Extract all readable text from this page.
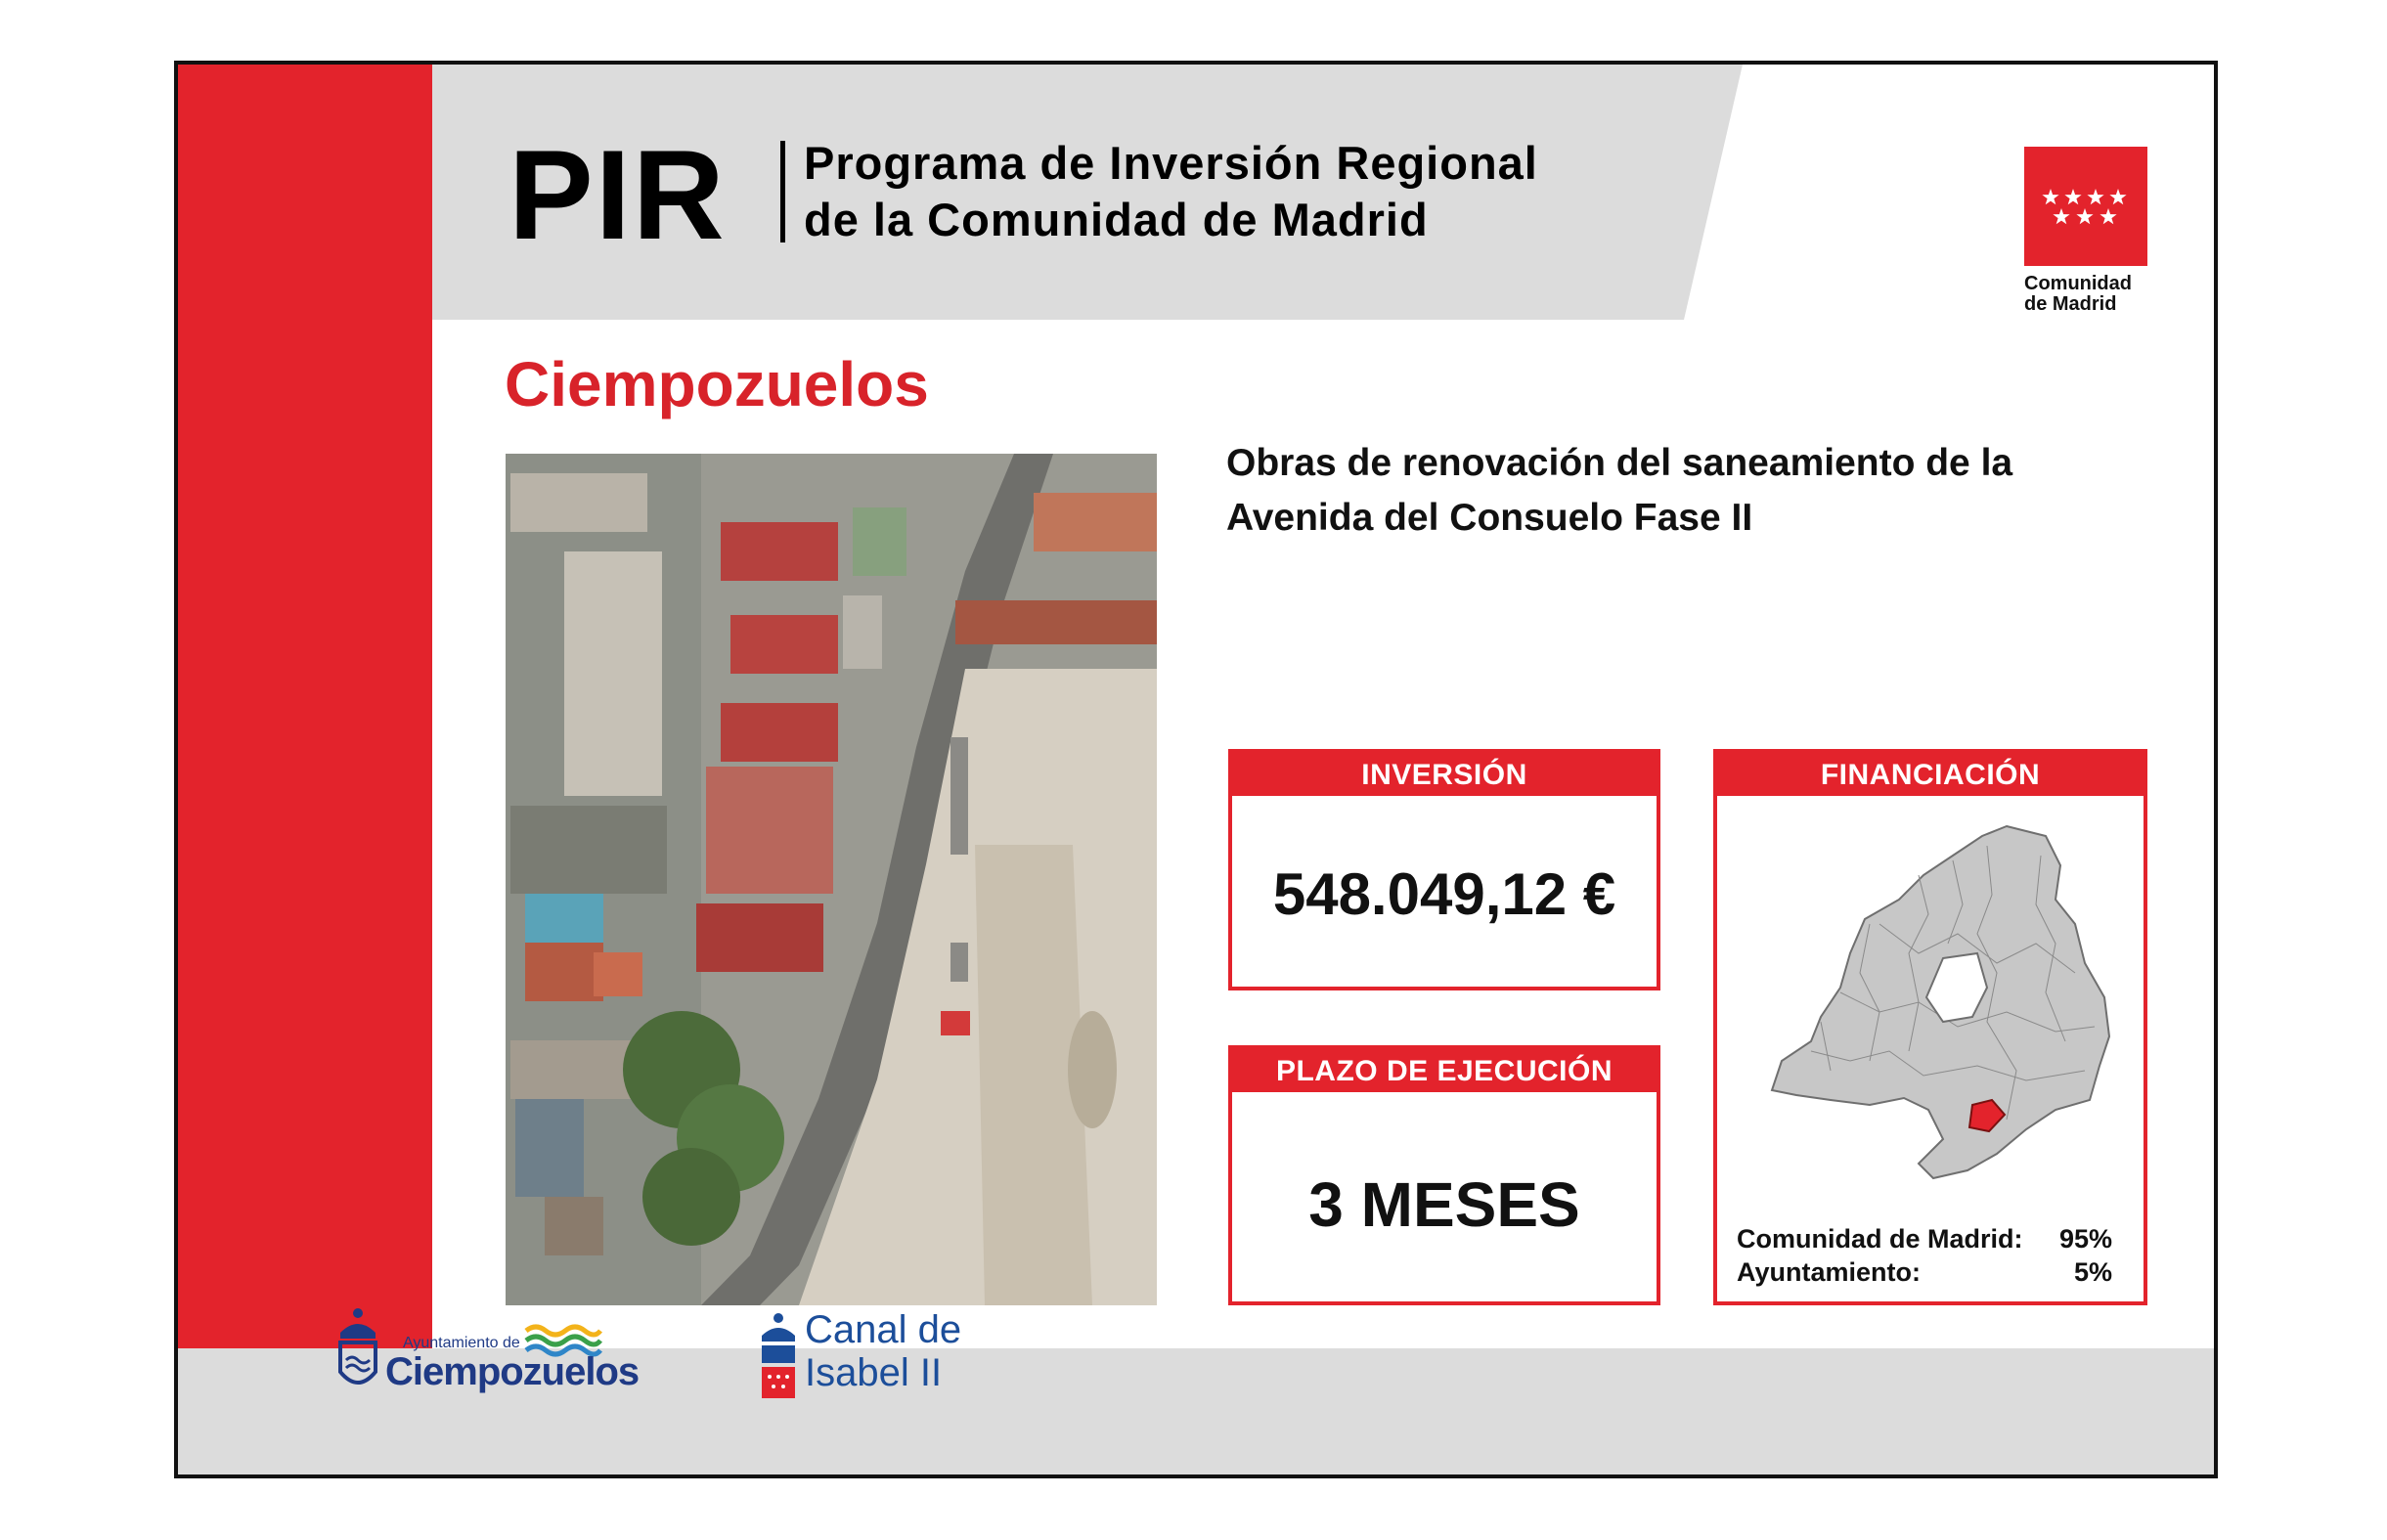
PIR Programa de Inversión Regional
de la Comunidad de Madrid
Comunidad
de Madrid
Ciempozuelos
Obras de renovación del saneamiento de la Avenida del Consuelo Fase II
INVERSIÓN
548.049,12 €
PLAZO DE EJECUCIÓN
3 MESES
FINANCIACIÓN
Comunidad de Madrid: 95%
Ayuntamiento:	5%
Ayuntamiento de
Ciempozuelos
Canal de
Isabel II
